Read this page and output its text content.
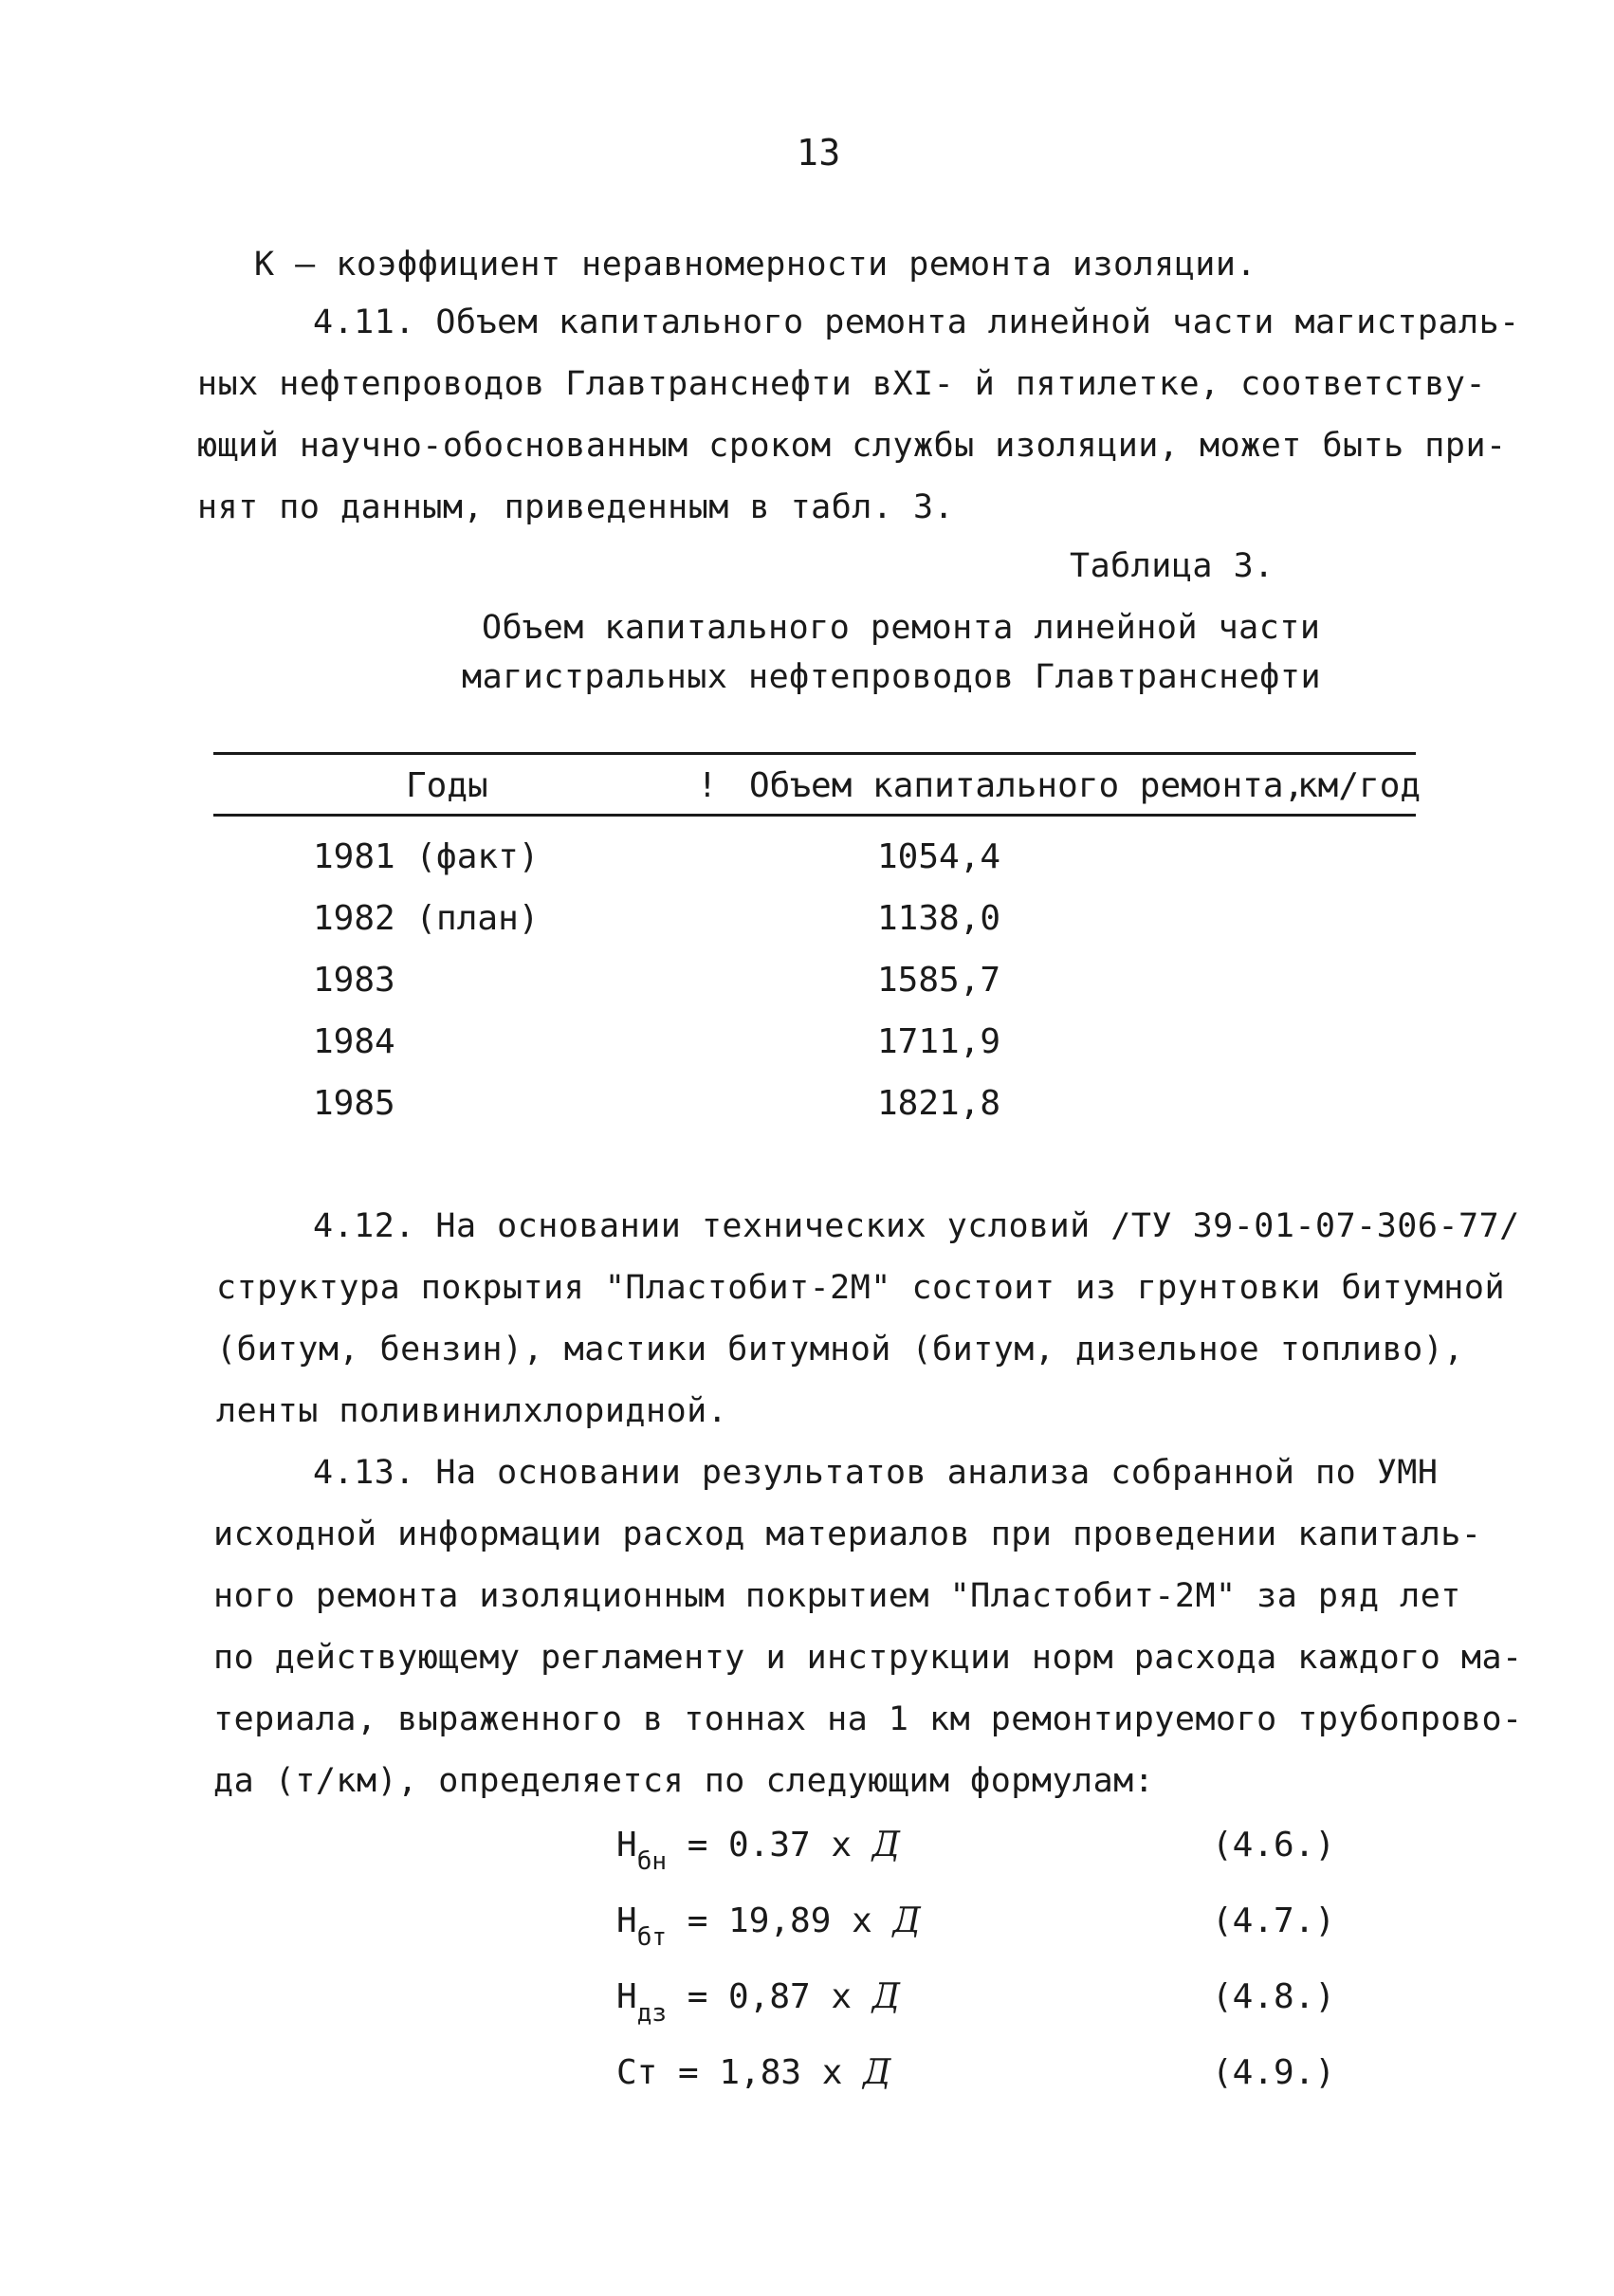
13
К – коэффициент неравномерности ремонта изоляции.
4.11. Объем капитального ремонта линейной части магистраль-
ных нефтепроводов Главтранснефти вXI- й пятилетке, соответству-
ющий научно-обоснованным сроком службы изоляции, может быть при-
нят по данным, приведенным в табл. 3.
Таблица 3.
Объем капитального ремонта линейной части
магистральных нефтепроводов Главтранснефти
Годы	! Объем капитального ремонта,
км/год
1981 (факт)	1054,4
1982 (план)	1138,0
1983	1585,7
1984	1711,9
1985	1821,8
4.12. На основании технических условий /ТУ 39-01-07-306-77/
структура покрытия "Пластобит-2М" состоит из грунтовки битумной
(битум, бензин), мастики битумной (битум, дизельное топливо),
ленты поливинилхлоридной.
4.13. На основании результатов анализа собранной по УМН
исходной информации расход материалов при проведении капиталь-
ного ремонта изоляционным покрытием "Пластобит-2М" за ряд лет
по действующему регламенту и инструкции норм расхода каждого ма-
териала, выраженного в тоннах на 1 км ремонтируемого трубопрово-
да (т/км), определяется по следующим формулам:
$Н_{бн} = 0.37$ x Д	(4.6.)
$Н_{бт} = 19,89$ x Д	(4.7.)
$Н_{дз} = 0,87$ x Д	(4.8.)
Ст = 1,83 x Д	(4.9.)
